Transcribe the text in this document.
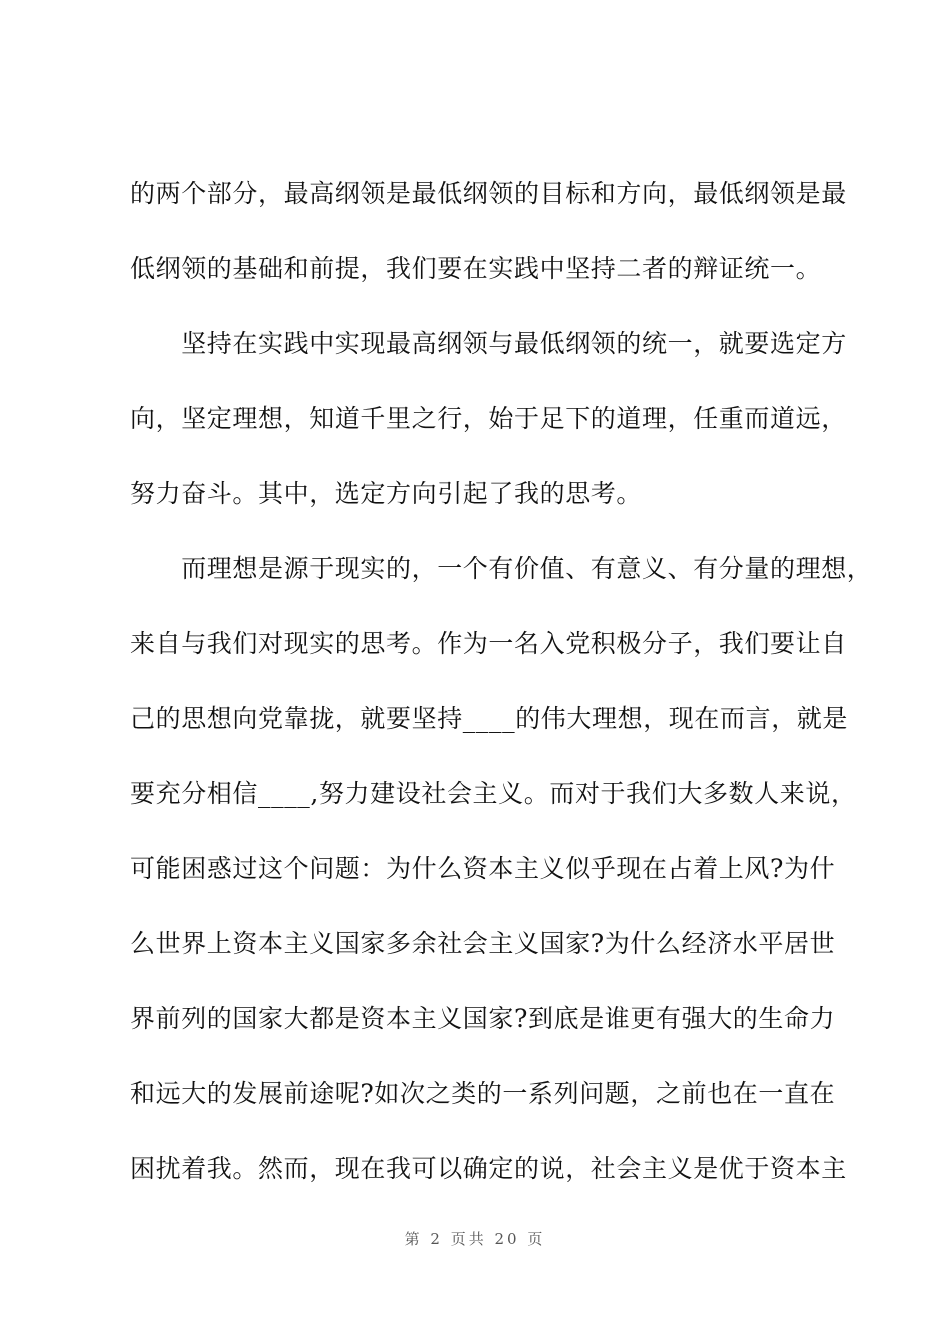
的两个部分，最高纲领是最低纲领的目标和方向，最低纲领是最
低纲领的基础和前提，我们要在实践中坚持二者的辩证统一。
　　坚持在实践中实现最高纲领与最低纲领的统一，就要选定方
向，坚定理想，知道千里之行，始于足下的道理，任重而道远，
努力奋斗。其中，选定方向引起了我的思考。
　　而理想是源于现实的，一个有价值、有意义、有分量的理想，
来自与我们对现实的思考。作为一名入党积极分子，我们要让自
己的思想向党靠拢，就要坚持____的伟大理想，现在而言，就是
要充分相信____,努力建设社会主义。而对于我们大多数人来说，
可能困惑过这个问题：为什么资本主义似乎现在占着上风?为什
么世界上资本主义国家多余社会主义国家?为什么经济水平居世
界前列的国家大都是资本主义国家?到底是谁更有强大的生命力
和远大的发展前途呢?如次之类的一系列问题，之前也在一直在
困扰着我。然而，现在我可以确定的说，社会主义是优于资本主
第 2 页共 20 页
